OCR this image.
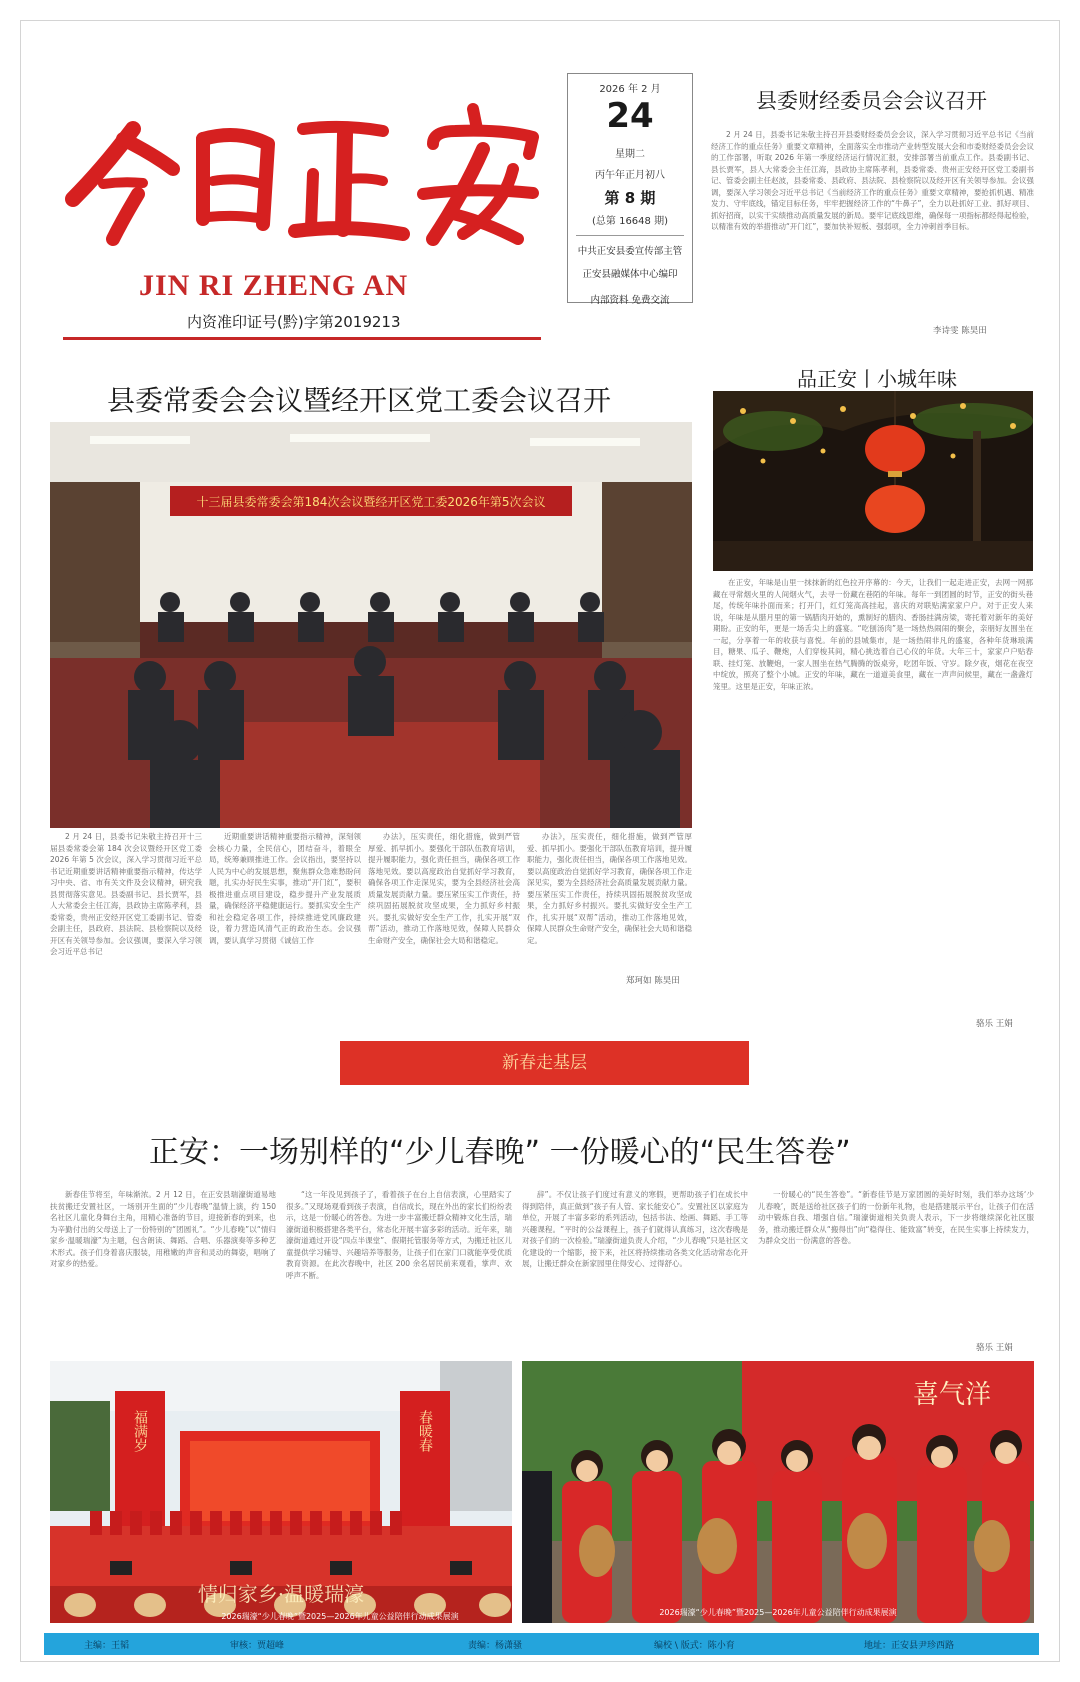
JIN RI ZHENG AN
内资准印证号(黔)字第2019213
2026 年 2 月
24
星期二
丙午年正月初八
第 8 期
(总第 16648 期)
中共正安县委宣传部主管
正安县融媒体中心编印
内部资料 免费交流
县委财经委员会会议召开
2 月 24 日，县委书记朱敬主持召开县委财经委员会会议，深入学习贯彻习近平总书记《当前经济工作的重点任务》重要文章精神，全面落实全市推动产业转型发展大会和市委财经委员会会议的工作部署，听取 2026 年第一季度经济运行情况汇报，安排部署当前重点工作。县委副书记、县长贾军，县人大常委会主任江海，县政协主席陈孝利，县委常委、贵州正安经开区党工委副书记、管委会副主任赵波，县委常委、县政府、县法院、县检察院以及经开区有关领导参加。会议强调，要深入学习领会习近平总书记《当前经济工作的重点任务》重要文章精神，要抢抓机遇、精准发力、守牢底线，锚定目标任务，牢牢把握经济工作的“牛鼻子”，全力以赴抓好工业、抓好项目、抓好招商，以实干实绩推动高质量发展的新局。要牢记底线思维，确保每一项指标都经得起检验，以精准有效的举措推动“开门红”，要加快补短板、强弱项，全力冲刺首季目标。
李诗雯 陈昊田
县委常委会会议暨经开区党工委会议召开
十三届县委常委会第184次会议暨经开区党工委2026年第5次会议
2 月 24 日，县委书记朱敬主持召开十三届县委常委会第 184 次会议暨经开区党工委 2026 年第 5 次会议，深入学习贯彻习近平总书记近期重要讲话精神重要指示精神，传达学习中央、省、市有关文件及会议精神，研究我县贯彻落实意见。县委副书记、县长贾军，县人大常委会主任江海，县政协主席陈孝利，县委常委，贵州正安经开区党工委副书记、管委会副主任，县政府、县法院、县检察院以及经开区有关领导参加。会议强调，要深入学习领会习近平总书记
近期重要讲话精神重要指示精神，深刻领会核心力量，全民信心，团结奋斗，着眼全局，统筹兼顾推进工作。会议指出，要坚持以人民为中心的发展思想，聚焦群众急难愁盼问题，扎实办好民生实事，推动“开门红”，要积极推进重点项目建设，稳步提升产业发展质量，确保经济平稳健康运行。要抓实安全生产和社会稳定各项工作，持续推进党风廉政建设，着力营造风清气正的政治生态。会议强调，要认真学习贯彻《诚信工作
办法》，压实责任，细化措施，做到严管厚爱、抓早抓小。要强化干部队伍教育培训，提升履职能力，强化责任担当，确保各项工作落地见效。要以高度政治自觉抓好学习教育，确保各项工作走深见实，要为全县经济社会高质量发展贡献力量。要压紧压实工作责任，持续巩固拓展脱贫攻坚成果，全力抓好乡村振兴。要扎实做好安全生产工作，扎实开展“双帮”活动，推动工作落地见效，保障人民群众生命财产安全，确保社会大局和谐稳定。
办法》，压实责任，细化措施，做到严管厚爱、抓早抓小。要强化干部队伍教育培训，提升履职能力，强化责任担当，确保各项工作落地见效。要以高度政治自觉抓好学习教育，确保各项工作走深见实，要为全县经济社会高质量发展贡献力量。要压紧压实工作责任，持续巩固拓展脱贫攻坚成果，全力抓好乡村振兴。要扎实做好安全生产工作，扎实开展“双帮”活动，推动工作落地见效，保障人民群众生命财产安全，确保社会大局和谐稳定。
郑珂如 陈昊田
品正安丨小城年味
在正安，年味是山里一抹抹新的红色拉开序幕的：今天，让我们一起走进正安，去网一网那藏在寻常烟火里的人间烟火气，去寻一份藏在巷陌的年味。每年一到团圆的时节，正安的街头巷尾，传统年味扑面而来；打开门，红灯笼高高挂起，喜庆的对联贴满家家户户。对于正安人来说，年味是从腊月里的第一锅腊肉开始的，熏制好的腊肉、香肠挂满房梁，寄托着对新年的美好期盼。正安的年，更是一场舌尖上的盛宴。“吃刨汤肉”是一场热热闹闹的聚会，亲朋好友围坐在一起，分享着一年的收获与喜悦。年前的县城集市，是一场热闹非凡的盛宴，各种年货琳琅满目，糖果、瓜子、鞭炮，人们穿梭其间，精心挑选着自己心仪的年货。大年三十，家家户户贴春联、挂灯笼、放鞭炮，一家人围坐在热气腾腾的饭桌旁，吃团年饭、守岁。除夕夜，烟花在夜空中绽放，照亮了整个小城。正安的年味，藏在一道道美食里，藏在一声声问候里，藏在一盏盏灯笼里。这里是正安，年味正浓。
骆乐 王娟
新春走基层
正安：一场别样的“少儿春晚” 一份暖心的“民生答卷”
新春佳节将至，年味渐浓。2 月 12 日，在正安县瑞濠街道易地扶贫搬迁安置社区，一场别开生面的“少儿春晚”温情上演，约 150 名社区儿童化身舞台主角，用精心准备的节目，迎接新春的到来，也为辛勤付出的父母送上了一份特别的“团圆礼”。“少儿春晚”以“情归家乡·温暖瑞濠”为主题，包含朗读、舞蹈、合唱、乐器演奏等多种艺术形式。孩子们身着喜庆服装，用稚嫩的声音和灵动的舞姿，唱响了对家乡的热爱。
“这一年没见到孩子了，看着孩子在台上自信表演，心里踏实了很多。”又现场观看到孩子表演，自信成长，现在外出的家长们纷纷表示，这是一份暖心的答卷。为进一步丰富搬迁群众精神文化生活，瑞濠街道积极搭建各类平台，常态化开展丰富多彩的活动。近年来，瑞濠街道通过开设“四点半课堂”、假期托管服务等方式，为搬迁社区儿童提供学习辅导、兴趣培养等服务，让孩子们在家门口就能享受优质教育资源。在此次春晚中，社区 200 余名居民前来观看，掌声、欢呼声不断。
辞”。不仅让孩子们度过有意义的寒假，更帮助孩子们在成长中得到陪伴，真正做到“孩子有人管、家长能安心”。安置社区以家庭为单位，开展了丰富多彩的系列活动，包括书法、绘画、舞蹈、手工等兴趣课程。“平时的公益课程上，孩子们就得认真练习，这次春晚是对孩子们的一次检验。”瑞濠街道负责人介绍，“少儿春晚”只是社区文化建设的一个缩影，接下来，社区将持续推动各类文化活动常态化开展，让搬迁群众在新家园里住得安心、过得舒心。
一份暖心的“民生答卷”。“新春佳节是万家团圆的美好时刻，我们举办这场‘少儿春晚’，既是送给社区孩子们的一份新年礼物，也是搭建展示平台，让孩子们在活动中锻炼自我、增强自信。”瑞濠街道相关负责人表示，下一步将继续深化社区服务，推动搬迁群众从“搬得出”向“稳得住、能致富”转变，在民生实事上持续发力，为群众交出一份满意的答卷。
骆乐 王娟
福满岁	春暖春
情归家乡·温暖瑞濠
2026瑞濠“少儿春晚”暨2025—2026年儿童公益陪伴行动成果展演
喜气洋
2026瑞濠“少儿春晚”暨2025—2026年儿童公益陪伴行动成果展演
主编：王韬	审核：贾超峰	责编：杨潇骚	编校 \ 版式：陈小育	地址：正安县尹珍西路
